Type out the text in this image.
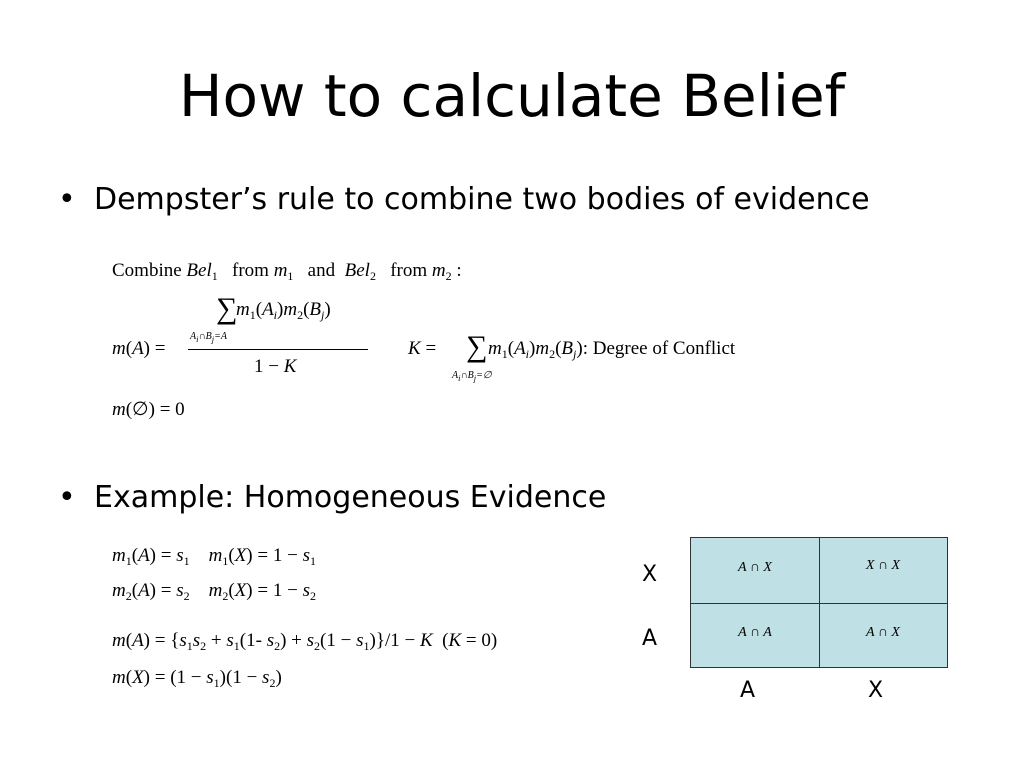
How to calculate Belief
• Dempster’s rule to combine two bodies of evidence
Combine Bel$_1$ from $m_1$ and Bel$_2$ from $m_2$ :
m(A) =
∑
$m_1(A_i)m_2(B_j)$
$A_i\cap B_j=A$
1 − K
K = ∑ $m_1(A_i)m_2(B_j)$: Degree of Conflict
$A_i\cap B_j=\emptyset$
m(∅) = 0
• Example: Homogeneous Evidence
$m_1(A) = s_1$ $m_1(X) = 1 - s_1$
$m_2(A) = s_2$ $m_2(X) = 1 - s_2$
$m(A) = \{s_1s_2 + s_1(1-$ $s_2) + s_2(1 - s_1)\}/1 - K$  (K = 0)
$m(X) = (1 - s_1)(1 - s_2)$
X
A
A ∩ X	X ∩ X
A ∩ A	A ∩ X
A	X
